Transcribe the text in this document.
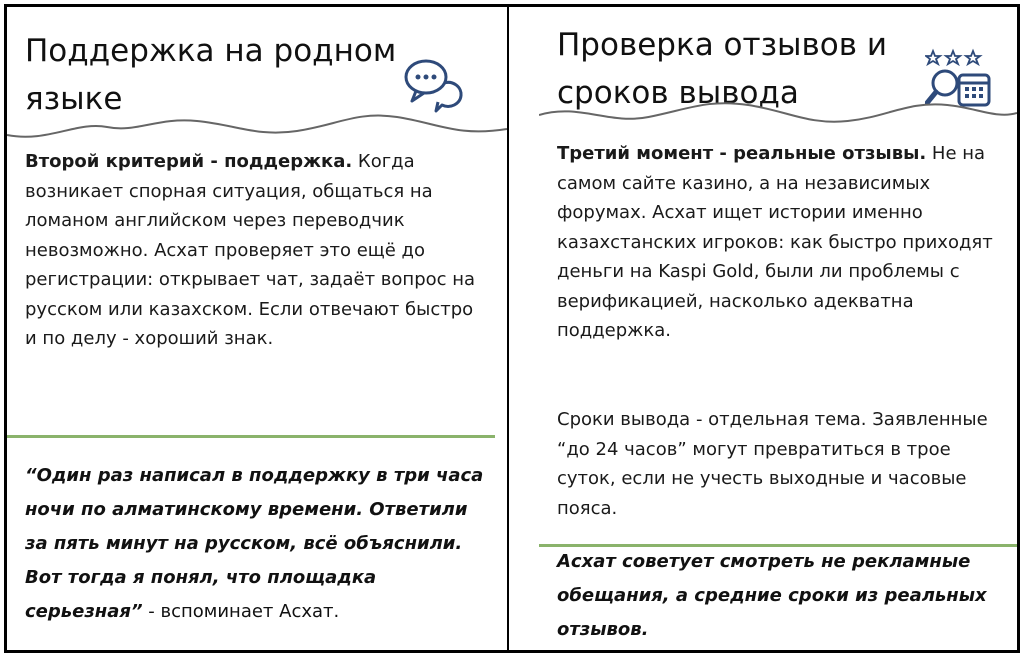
Поддержка на родном языке

Второй критерий - поддержка. Когда возникает спорная ситуация, общаться на ломаном английском через переводчик невозможно. Асхат проверяет это ещё до регистрации: открывает чат, задаёт вопрос на русском или казахском. Если отвечают быстро и по делу - хороший знак.

“Один раз написал в поддержку в три часа ночи по алматинскому времени. Ответили за пять минут на русском, всё объяснили. Вот тогда я понял, что площадка серьезная” - вспоминает Асхат.

Проверка отзывов и сроков вывода

Третий момент - реальные отзывы. Не на самом сайте казино, а на независимых форумах. Асхат ищет истории именно казахстанских игроков: как быстро приходят деньги на Kaspi Gold, были ли проблемы с верификацией, насколько адекватна поддержка.

Сроки вывода - отдельная тема. Заявленные “до 24 часов” могут превратиться в трое суток, если не учесть выходные и часовые пояса.

Асхат советует смотреть не рекламные обещания, а средние сроки из реальных отзывов.
